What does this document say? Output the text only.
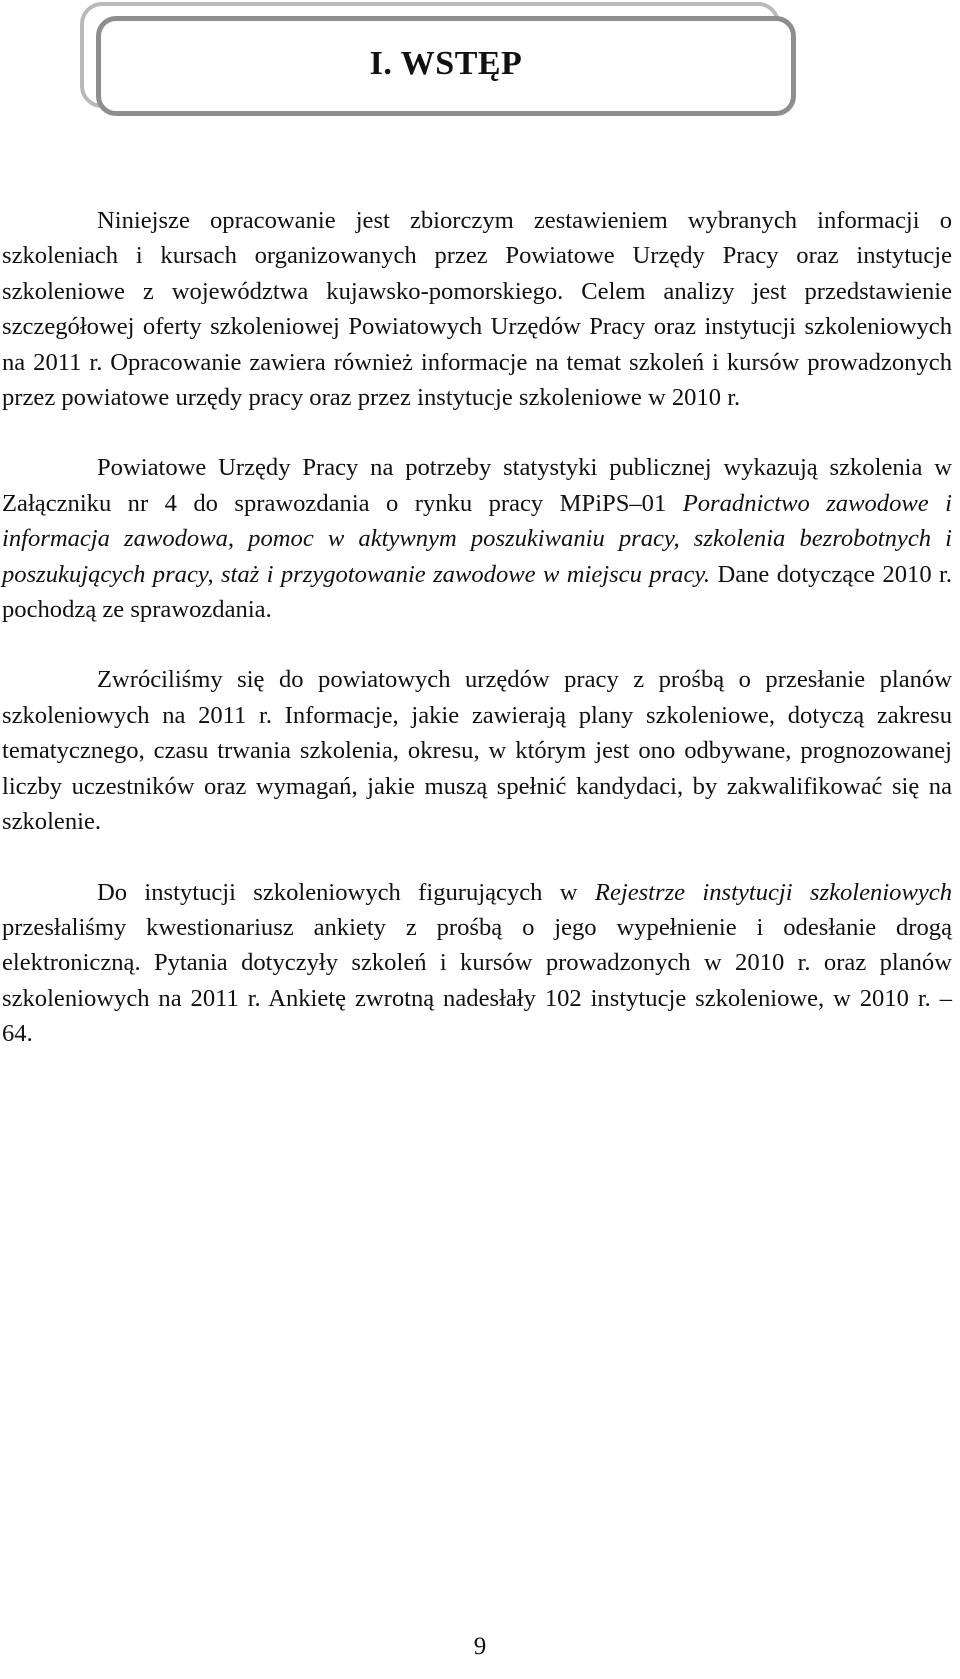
I. WSTĘP

Niniejsze opracowanie jest zbiorczym zestawieniem wybranych informacji o szkoleniach i kursach organizowanych przez Powiatowe Urzędy Pracy oraz instytucje szkoleniowe z województwa kujawsko-pomorskiego. Celem analizy jest przedstawienie szczegółowej oferty szkoleniowej Powiatowych Urzędów Pracy oraz instytucji szkoleniowych na 2011 r. Opracowanie zawiera również informacje na temat szkoleń i kursów prowadzonych przez powiatowe urzędy pracy oraz przez instytucje szkoleniowe w 2010 r.

Powiatowe Urzędy Pracy na potrzeby statystyki publicznej wykazują szkolenia w Załączniku nr 4 do sprawozdania o rynku pracy MPiPS–01 Poradnictwo zawodowe i informacja zawodowa, pomoc w aktywnym poszukiwaniu pracy, szkolenia bezrobotnych i poszukujących pracy, staż i przygotowanie zawodowe w miejscu pracy. Dane dotyczące 2010 r. pochodzą ze sprawozdania.

Zwróciliśmy się do powiatowych urzędów pracy z prośbą o przesłanie planów szkoleniowych na 2011 r. Informacje, jakie zawierają plany szkoleniowe, dotyczą zakresu tematycznego, czasu trwania szkolenia, okresu, w którym jest ono odbywane, prognozowanej liczby uczestników oraz wymagań, jakie muszą spełnić kandydaci, by zakwalifikować się na szkolenie.

Do instytucji szkoleniowych figurujących w Rejestrze instytucji szkoleniowych przesłaliśmy kwestionariusz ankiety z prośbą o jego wypełnienie i odesłanie drogą elektroniczną. Pytania dotyczyły szkoleń i kursów prowadzonych w 2010 r. oraz planów szkoleniowych na 2011 r. Ankietę zwrotną nadesłały 102 instytucje szkoleniowe, w 2010 r. – 64.

9
